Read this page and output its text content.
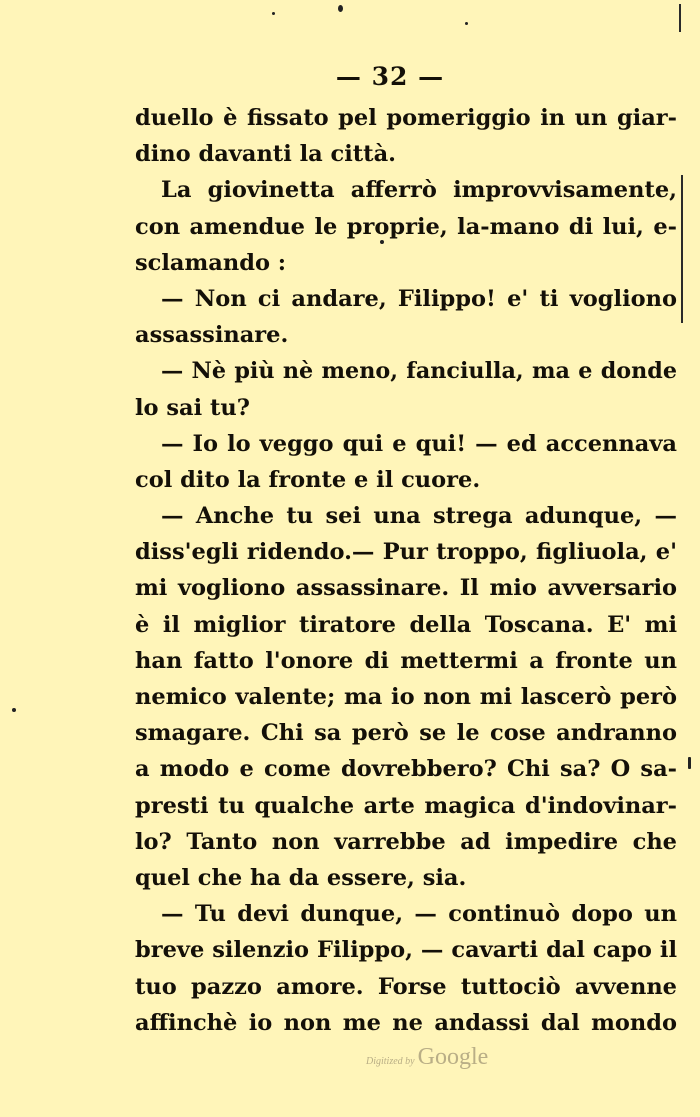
— 32 —
duello è fissato pel pomeriggio in un giar-
dino davanti la città.
La giovinetta afferrò improvvisamente,
con amendue le proprie, la-mano di lui, e-
sclamando :
— Non ci andare, Filippo! e' ti vogliono
assassinare.
— Nè più nè meno, fanciulla, ma e donde
lo sai tu?
— Io lo veggo qui e qui! — ed accennava
col dito la fronte e il cuore.
— Anche tu sei una strega adunque, —
diss'egli ridendo.— Pur troppo, figliuola, e'
mi vogliono assassinare. Il mio avversario
è il miglior tiratore della Toscana. E' mi
han fatto l'onore di mettermi a fronte un
nemico valente; ma io non mi lascerò però
smagare. Chi sa però se le cose andranno
a modo e come dovrebbero? Chi sa? O sa-
presti tu qualche arte magica d'indovinar-
lo? Tanto non varrebbe ad impedire che
quel che ha da essere, sia.
— Tu devi dunque, — continuò dopo un
breve silenzio Filippo, — cavarti dal capo il
tuo pazzo amore. Forse tuttociò avvenne
affinchè io non me ne andassi dal mondo
Digitized by Google
